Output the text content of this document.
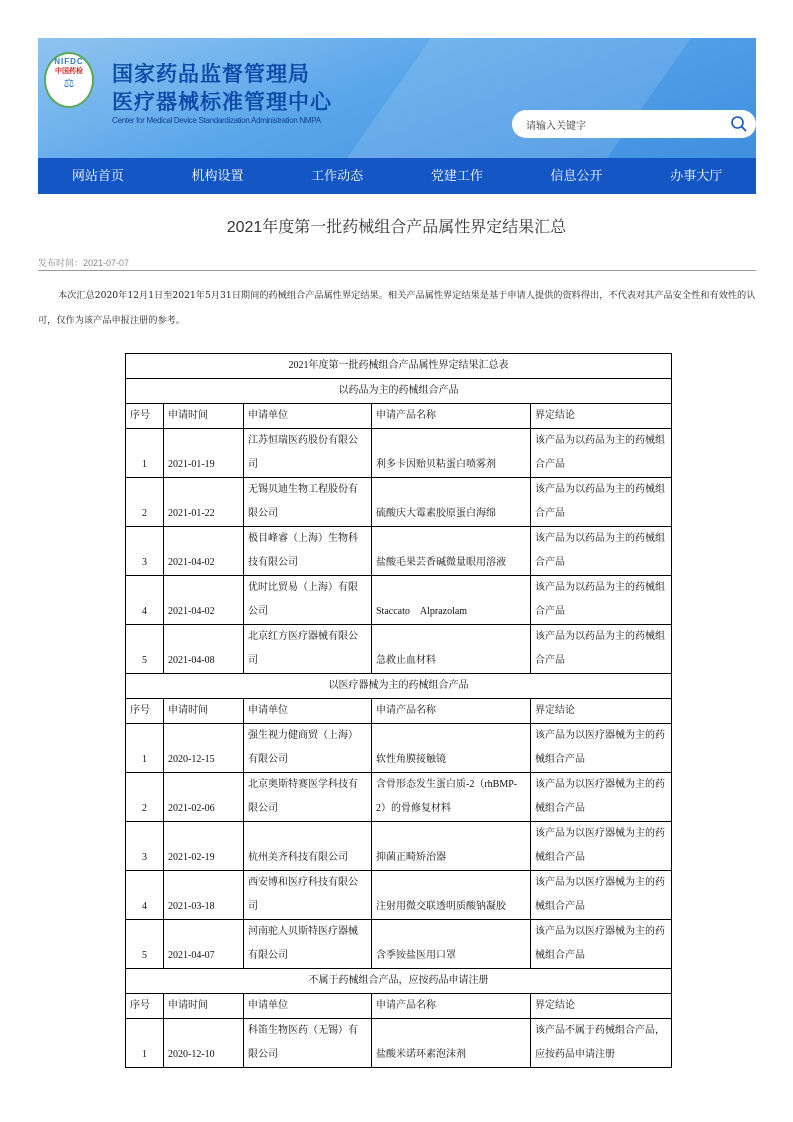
NIFDC
中国药检
⚖	国家药品监督管理局
医疗器械标准管理中心
Center for Medical Device Standardization Administration NMPA	请输入关键字
网站首页	机构设置	工作动态	党建工作	信息公开	办事大厅
2021年度第一批药械组合产品属性界定结果汇总
发布时间：2021-07-07

本次汇总2020年12月1日至2021年5月31日期间的药械组合产品属性界定结果。相关产品属性界定结果是基于申请人提供的资料得出，不代表对其产品安全性和有效性的认可，仅作为该产品申报注册的参考。

2021年度第一批药械组合产品属性界定结果汇总表				
以药品为主的药械组合产品				
序号	申请时间	申请单位	申请产品名称	界定结论
1	2021-01-19	江苏恒瑞医药股份有限公司	利多卡因贻贝粘蛋白喷雾剂	该产品为以药品为主的药械组合产品
2	2021-01-22	无锡贝迪生物工程股份有限公司	硫酸庆大霉素胶原蛋白海绵	该产品为以药品为主的药械组合产品
3	2021-04-02	极目峰睿（上海）生物科技有限公司	盐酸毛果芸香碱微量眼用溶液	该产品为以药品为主的药械组合产品
4	2021-04-02	优时比贸易（上海）有限公司	Staccato　Alprazolam	该产品为以药品为主的药械组合产品
5	2021-04-08	北京红方医疗器械有限公司	急救止血材料	该产品为以药品为主的药械组合产品
以医疗器械为主的药械组合产品				
序号	申请时间	申请单位	申请产品名称	界定结论
1	2020-12-15	强生视力健商贸（上海）有限公司	软性角膜接触镜	该产品为以医疗器械为主的药械组合产品
2	2021-02-06	北京奥斯特赛医学科技有限公司	含骨形态发生蛋白质-2（rhBMP-2）的骨修复材料	该产品为以医疗器械为主的药械组合产品
3	2021-02-19	杭州美齐科技有限公司	抑菌正畸矫治器	该产品为以医疗器械为主的药械组合产品
4	2021-03-18	西安博和医疗科技有限公司	注射用微交联透明质酸钠凝胶	该产品为以医疗器械为主的药械组合产品
5	2021-04-07	河南驼人贝斯特医疗器械有限公司	含季铵盐医用口罩	该产品为以医疗器械为主的药械组合产品
不属于药械组合产品，应按药品申请注册				
序号	申请时间	申请单位	申请产品名称	界定结论
1	2020-12-10	科笛生物医药（无锡）有限公司	盐酸米诺环素泡沫剂	该产品不属于药械组合产品，应按药品申请注册
